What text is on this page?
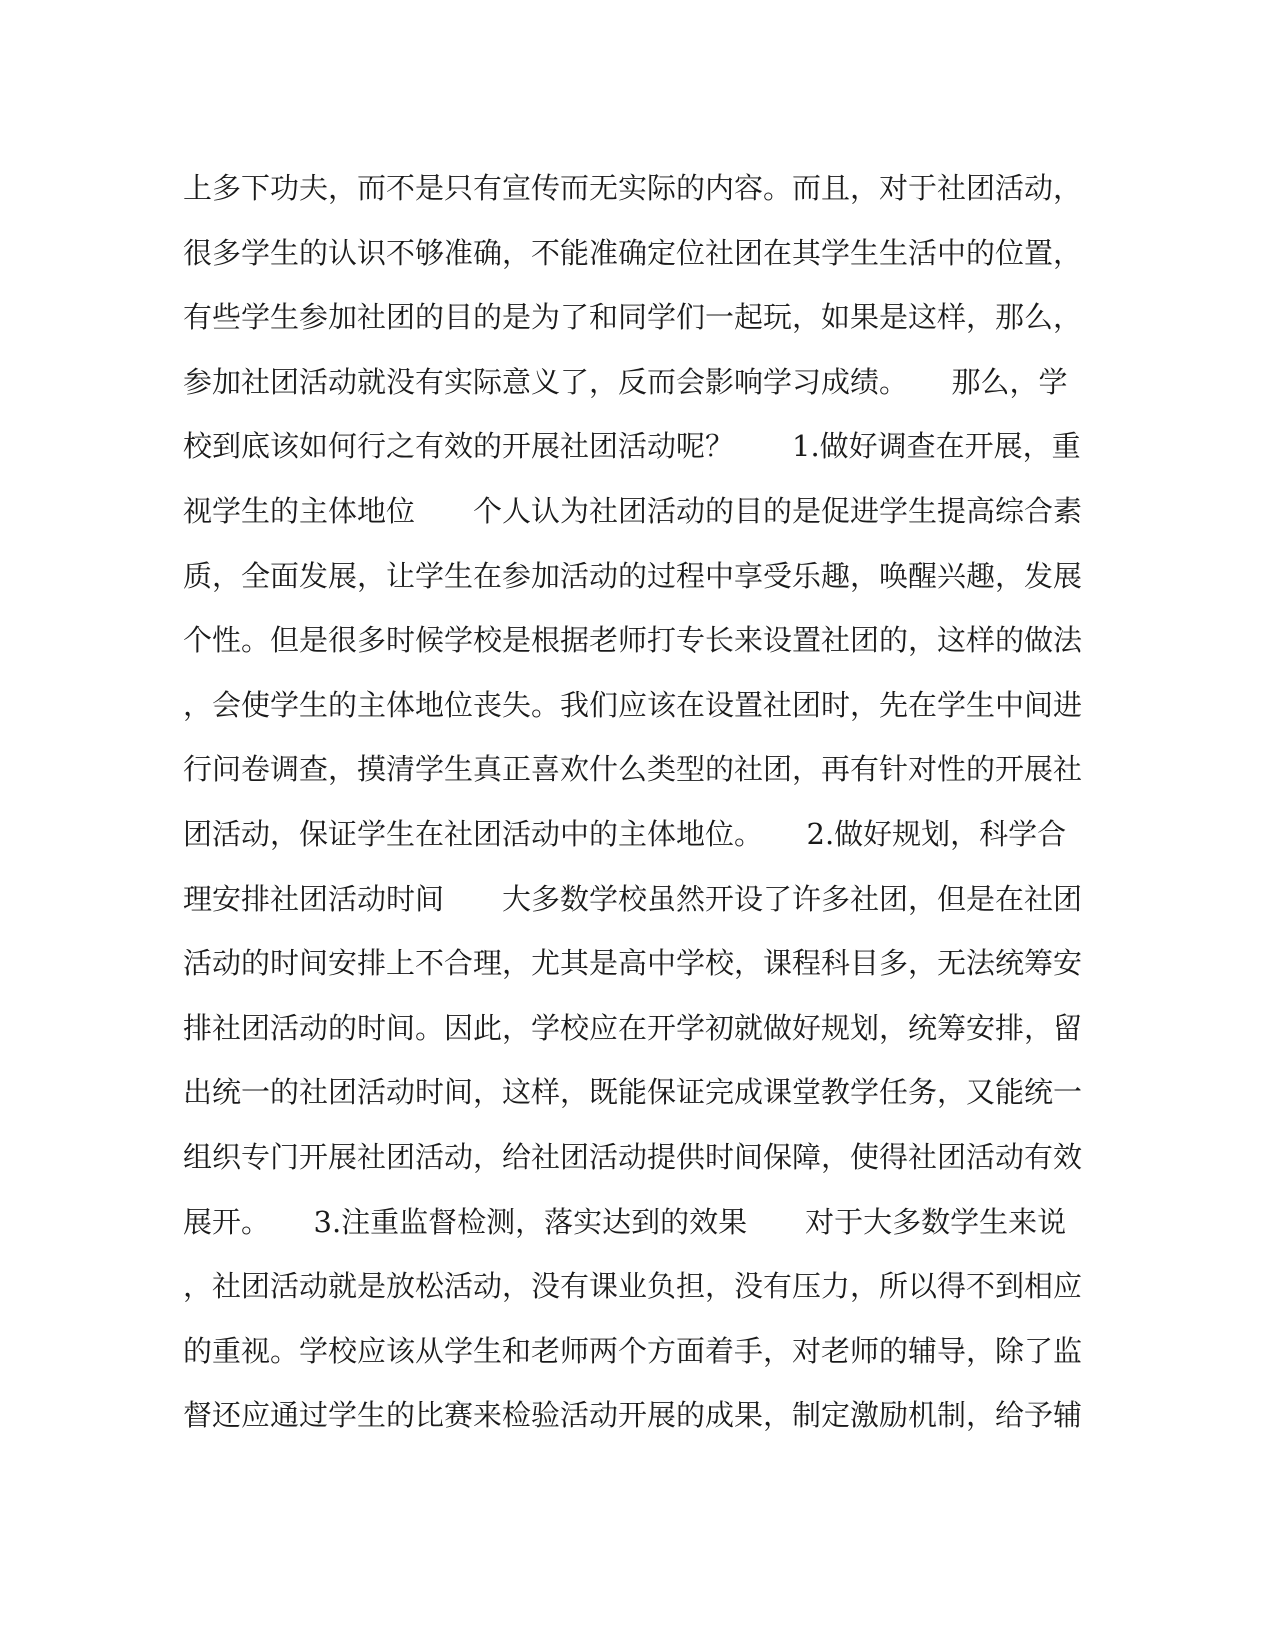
上多下功夫，而不是只有宣传而无实际的内容。而且，对于社团活动，
很多学生的认识不够准确，不能准确定位社团在其学生生活中的位置，
有些学生参加社团的目的是为了和同学们一起玩，如果是这样，那么，
参加社团活动就没有实际意义了，反而会影响学习成绩。　　那么，学
校到底该如何行之有效的开展社团活动呢？　　1.做好调查在开展，重
视学生的主体地位　　个人认为社团活动的目的是促进学生提高综合素
质，全面发展，让学生在参加活动的过程中享受乐趣，唤醒兴趣，发展
个性。但是很多时候学校是根据老师打专长来设置社团的，这样的做法
，会使学生的主体地位丧失。我们应该在设置社团时，先在学生中间进
行问卷调查，摸清学生真正喜欢什么类型的社团，再有针对性的开展社
团活动，保证学生在社团活动中的主体地位。　　2.做好规划，科学合
理安排社团活动时间　　大多数学校虽然开设了许多社团，但是在社团
活动的时间安排上不合理，尤其是高中学校，课程科目多，无法统筹安
排社团活动的时间。因此，学校应在开学初就做好规划，统筹安排，留
出统一的社团活动时间，这样，既能保证完成课堂教学任务，又能统一
组织专门开展社团活动，给社团活动提供时间保障，使得社团活动有效
展开。　　3.注重监督检测，落实达到的效果　　对于大多数学生来说
，社团活动就是放松活动，没有课业负担，没有压力，所以得不到相应
的重视。学校应该从学生和老师两个方面着手，对老师的辅导，除了监
督还应通过学生的比赛来检验活动开展的成果，制定激励机制，给予辅
